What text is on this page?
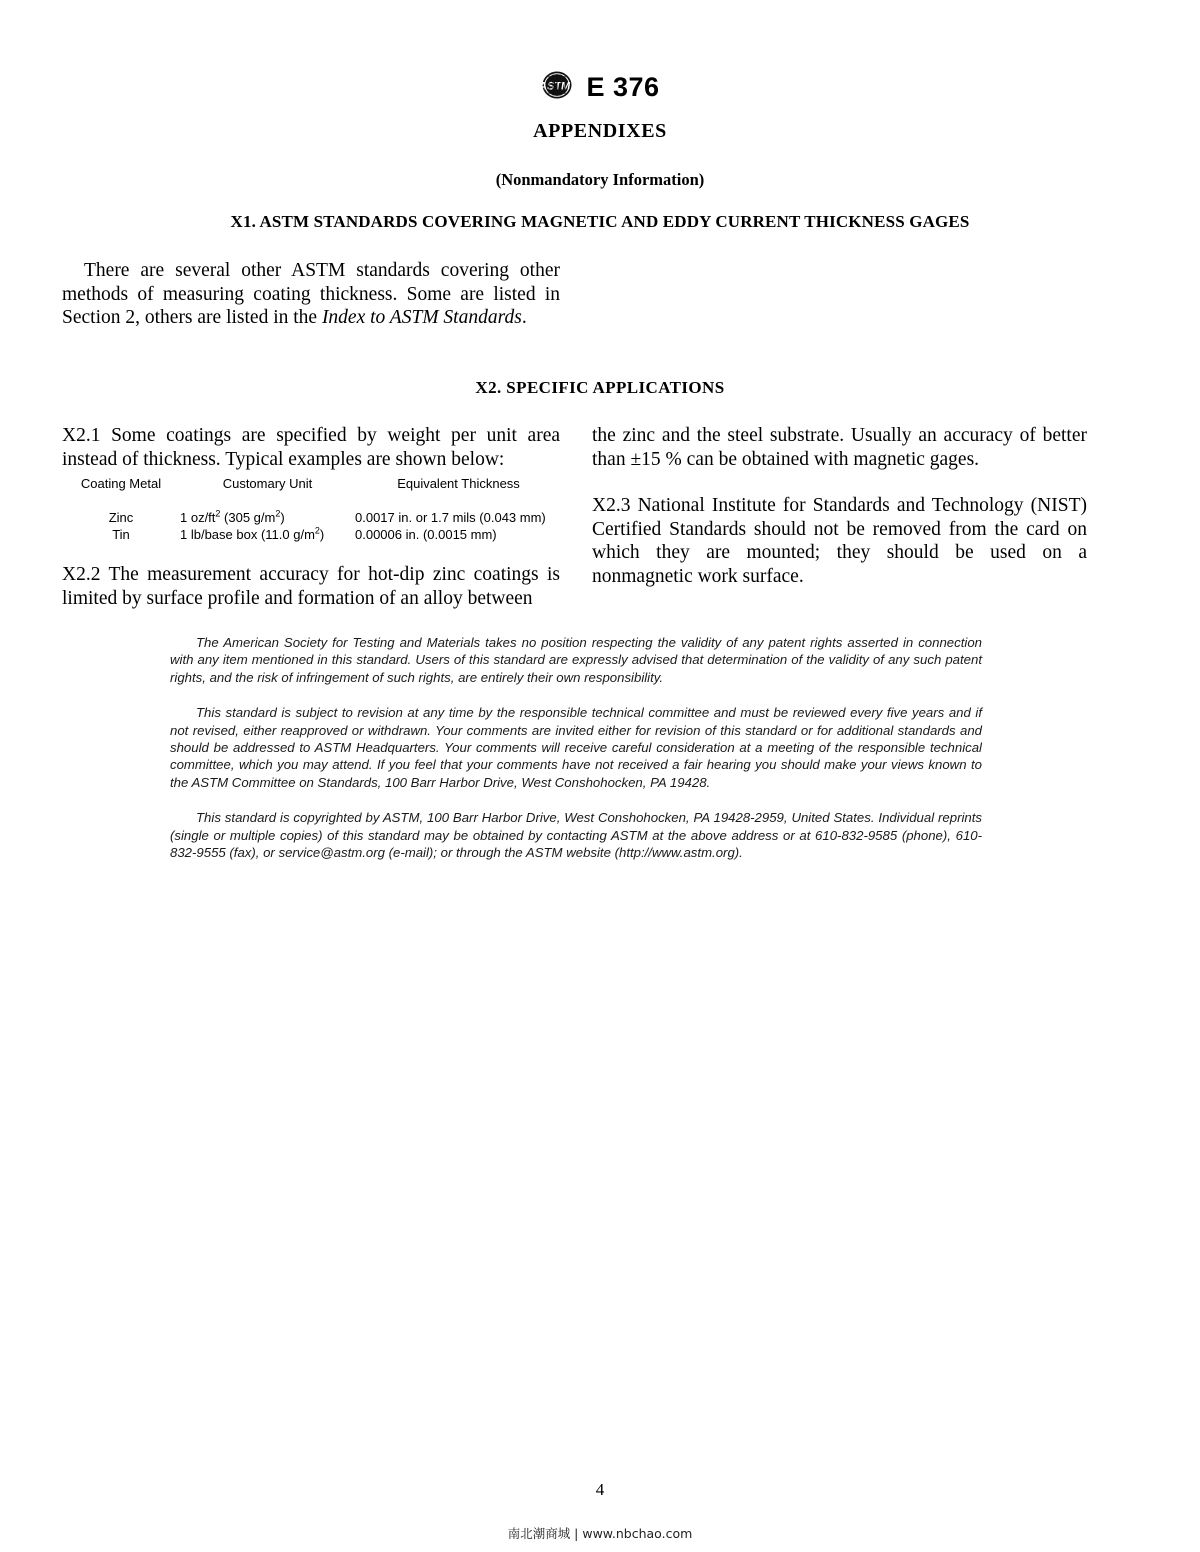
ASTM E 376
APPENDIXES
(Nonmandatory Information)
X1. ASTM STANDARDS COVERING MAGNETIC AND EDDY CURRENT THICKNESS GAGES
X2. SPECIFIC APPLICATIONS

There are several other ASTM standards covering other methods of measuring coating thickness. Some are listed in Section 2, others are listed in the Index to ASTM Standards.

X2.1 Some coatings are specified by weight per unit area instead of thickness. Typical examples are shown below:

Coating Metal	Customary Unit	Equivalent Thickness
Zinc	1 $oz/ft^2$ (305 $g/m^2$)	0.0017 in. or 1.7 mils (0.043 mm)
Tin	1 lb/base box (11.0 $g/m^2$)	0.00006 in. (0.0015 mm)

X2.2 The measurement accuracy for hot-dip zinc coatings is limited by surface profile and formation of an alloy between

the zinc and the steel substrate. Usually an accuracy of better than ±15 % can be obtained with magnetic gages.

X2.3 National Institute for Standards and Technology (NIST) Certified Standards should not be removed from the card on which they are mounted; they should be used on a nonmagnetic work surface.

The American Society for Testing and Materials takes no position respecting the validity of any patent rights asserted in connection with any item mentioned in this standard. Users of this standard are expressly advised that determination of the validity of any such patent rights, and the risk of infringement of such rights, are entirely their own responsibility.

This standard is subject to revision at any time by the responsible technical committee and must be reviewed every five years and if not revised, either reapproved or withdrawn. Your comments are invited either for revision of this standard or for additional standards and should be addressed to ASTM Headquarters. Your comments will receive careful consideration at a meeting of the responsible technical committee, which you may attend. If you feel that your comments have not received a fair hearing you should make your views known to the ASTM Committee on Standards, 100 Barr Harbor Drive, West Conshohocken, PA 19428.

This standard is copyrighted by ASTM, 100 Barr Harbor Drive, West Conshohocken, PA 19428-2959, United States. Individual reprints (single or multiple copies) of this standard may be obtained by contacting ASTM at the above address or at 610-832-9585 (phone), 610-832-9555 (fax), or service@astm.org (e-mail); or through the ASTM website (http://www.astm.org).

4
南北潮商城 | www.nbchao.com
